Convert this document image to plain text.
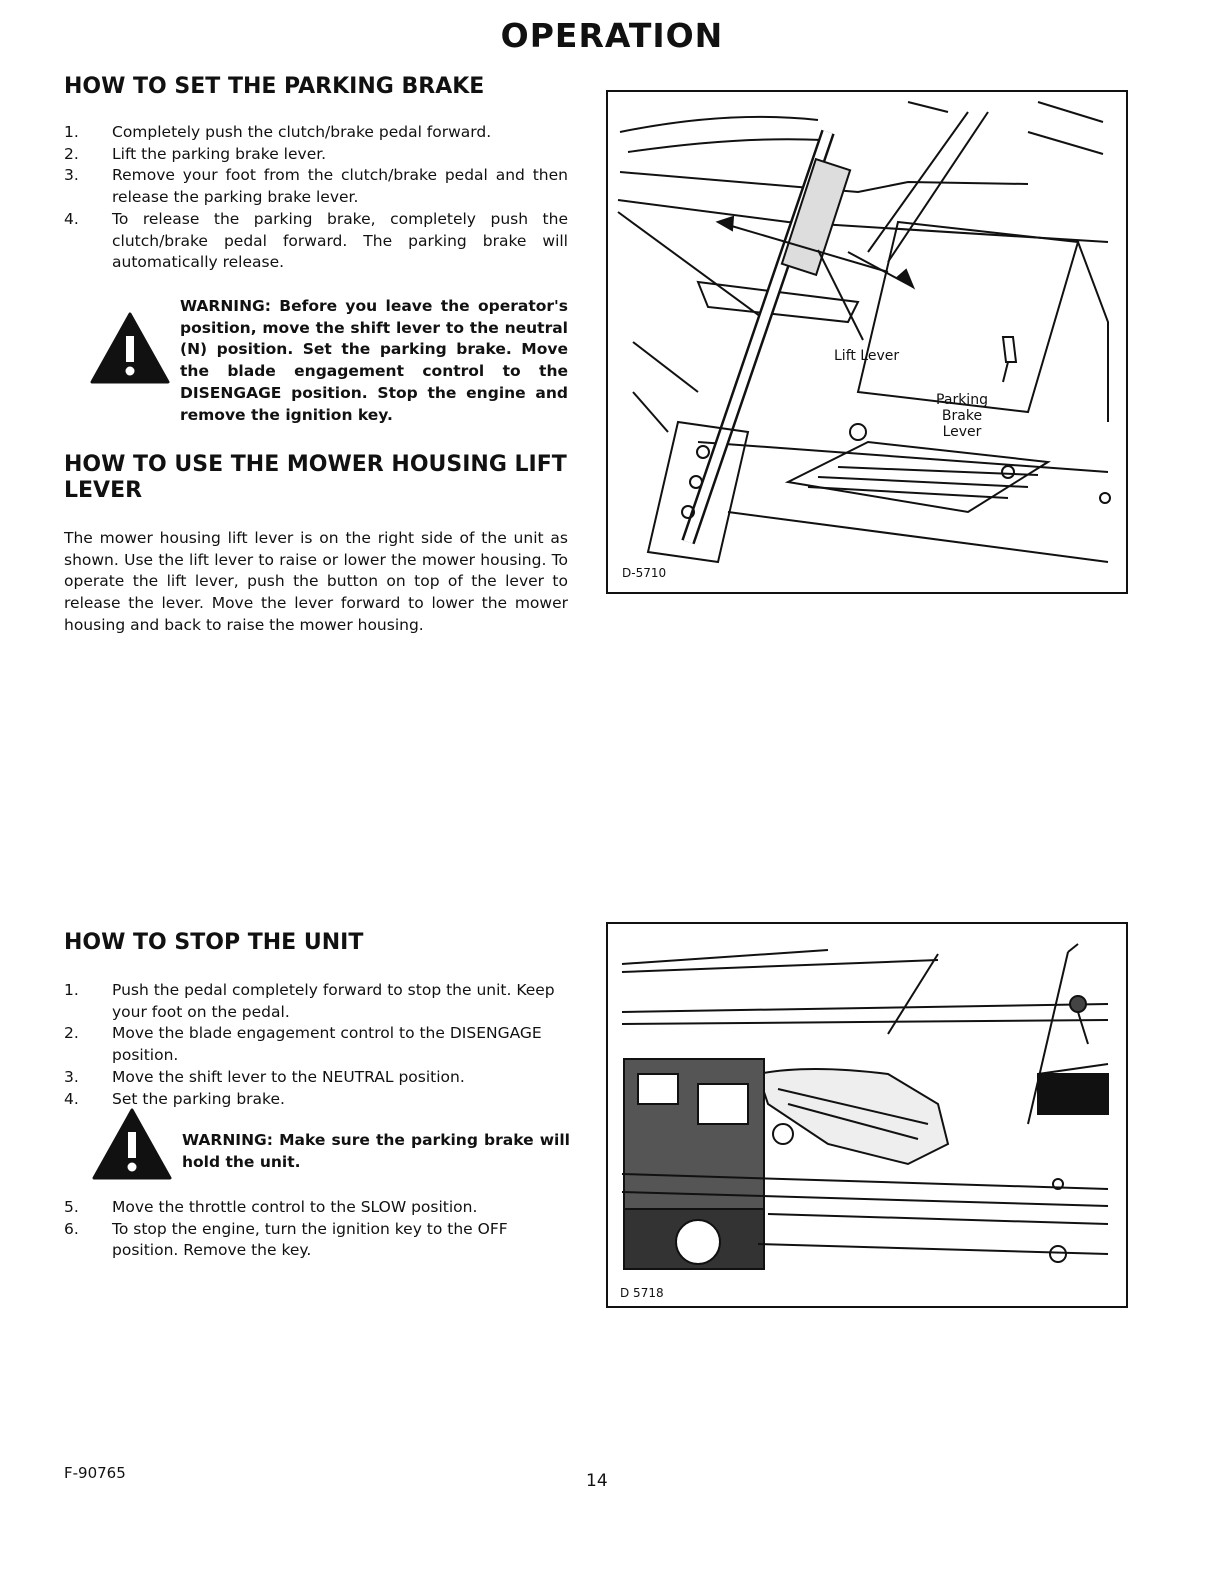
OPERATION
HOW TO SET THE PARKING BRAKE
1.	Completely push the clutch/brake pedal forward.
2.	Lift the parking brake lever.
3.	Remove your foot from the clutch/brake pedal and then release the parking brake lever.
4.	To release the parking brake, completely push the clutch/brake pedal forward. The parking brake will automatically release.
WARNING: Before you leave the operator's position, move the shift lever to the neutral (N) position. Set the parking brake. Move the blade engagement control to the DISENGAGE position. Stop the engine and remove the ignition key.
HOW TO USE THE MOWER HOUSING LIFT LEVER
The mower housing lift lever is on the right side of the unit as shown. Use the lift lever to raise or lower the mower housing. To operate the lift lever, push the button on top of the lever to release the lever. Move the lever forward to lower the mower housing and back to raise the mower housing.
Lift Lever
Parking Brake
Lever
D-5710
HOW TO STOP THE UNIT
1.	Push the pedal completely forward to stop the unit. Keep your foot on the pedal.
2.	Move the blade engagement control to the DISENGAGE position.
3.	Move the shift lever to the NEUTRAL position.
4.	Set the parking brake.
WARNING: Make sure the parking brake will hold the unit.
5.	Move the throttle control to the SLOW position.
6.	To stop the engine, turn the ignition key to the OFF position. Remove the key.
D 5718
F-90765	14
